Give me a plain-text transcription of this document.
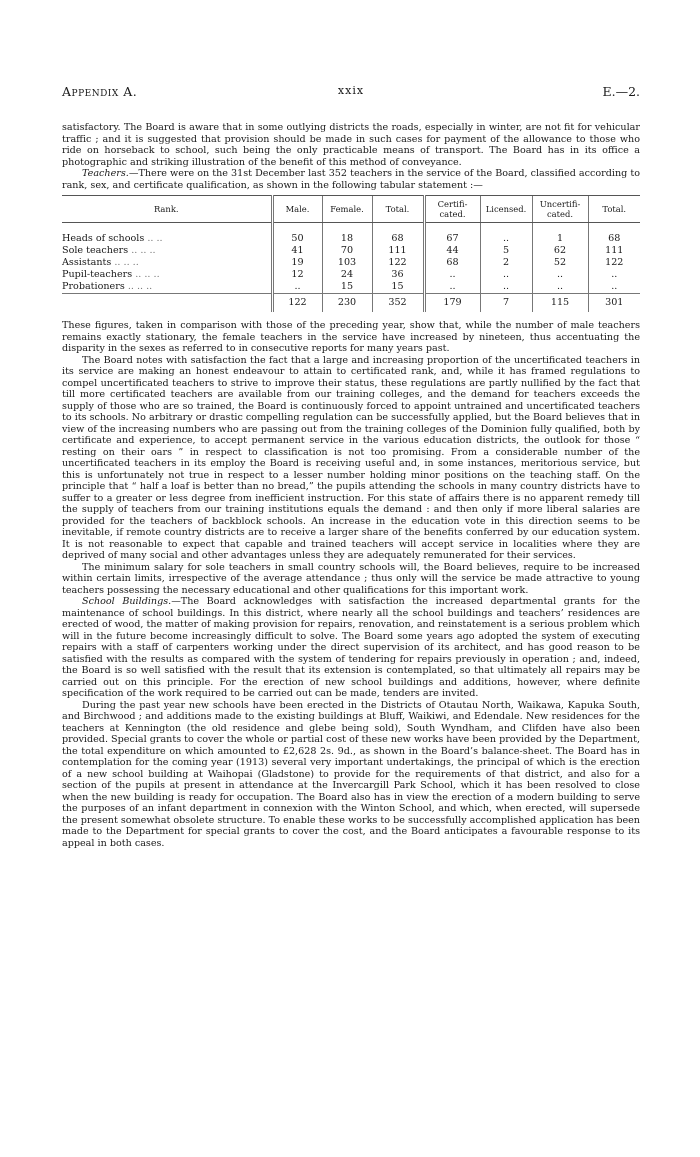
Appendix A.	xxix	E.—2.

satisfactory. The Board is aware that in some outlying districts the roads, especially in winter, are not fit for vehicular traffic ; and it is suggested that provision should be made in such cases for payment of the allowance to those who ride on horseback to school, such being the only practicable means of transport. The Board has in its office a photographic and striking illustration of the benefit of this method of conveyance.

Teachers.—There were on the 31st December last 352 teachers in the service of the Board, classified according to rank, sex, and certificate qualification, as shown in the following tabular statement :—

Rank.	Male.	Female.	Total.	Certifi-cated.	Licensed.	Uncertifi-cated.	Total.

Heads of schools .. ..	50	18	68	67	..	1	68
Sole teachers .. .. ..	41	70	111	44	5	62	111
Assistants .. .. ..	19	103	122	68	2	52	122
Pupil-teachers .. .. ..	12	24	36	..	..	..	..
Probationers .. .. ..	..	15	15	..	..	..	..
	122	230	352	179	7	115	301

These figures, taken in comparison with those of the preceding year, show that, while the number of male teachers remains exactly stationary, the female teachers in the service have increased by nineteen, thus accentuating the disparity in the sexes as referred to in consecutive reports for many years past.

The Board notes with satisfaction the fact that a large and increasing proportion of the uncertificated teachers in its service are making an honest endeavour to attain to certificated rank, and, while it has framed regulations to compel uncertificated teachers to strive to improve their status, these regulations are partly nullified by the fact that till more certificated teachers are available from our training colleges, and the demand for teachers exceeds the supply of those who are so trained, the Board is continuously forced to appoint untrained and uncertificated teachers to its schools. No arbitrary or drastic compelling regulation can be successfully applied, but the Board believes that in view of the increasing numbers who are passing out from the training colleges of the Dominion fully qualified, both by certificate and experience, to accept permanent service in the various education districts, the outlook for those “ resting on their oars ” in respect to classification is not too promising. From a considerable number of the uncertificated teachers in its employ the Board is receiving useful and, in some instances, meritorious service, but this is unfortunately not true in respect to a lesser number holding minor positions on the teaching staff. On the principle that “ half a loaf is better than no bread,” the pupils attending the schools in many country districts have to suffer to a greater or less degree from inefficient instruction. For this state of affairs there is no apparent remedy till the supply of teachers from our training institutions equals the demand : and then only if more liberal salaries are provided for the teachers of backblock schools. An increase in the education vote in this direction seems to be inevitable, if remote country districts are to receive a larger share of the benefits conferred by our education system. It is not reasonable to expect that capable and trained teachers will accept service in localities where they are deprived of many social and other advantages unless they are adequately remunerated for their services.

The minimum salary for sole teachers in small country schools will, the Board believes, require to be increased within certain limits, irrespective of the average attendance ; thus only will the service be made attractive to young teachers possessing the necessary educational and other qualifications for this important work.

School Buildings.—The Board acknowledges with satisfaction the increased departmental grants for the maintenance of school buildings. In this district, where nearly all the school buildings and teachers’ residences are erected of wood, the matter of making provision for repairs, renovation, and reinstatement is a serious problem which will in the future become increasingly difficult to solve. The Board some years ago adopted the system of executing repairs with a staff of carpenters working under the direct supervision of its architect, and has good reason to be satisfied with the results as compared with the system of tendering for repairs previously in operation ; and, indeed, the Board is so well satisfied with the result that its extension is contemplated, so that ultimately all repairs may be carried out on this principle. For the erection of new school buildings and additions, however, where definite specification of the work required to be carried out can be made, tenders are invited.

During the past year new schools have been erected in the Districts of Otautau North, Waikawa, Kapuka South, and Birchwood ; and additions made to the existing buildings at Bluff, Waikiwi, and Edendale. New residences for the teachers at Kennington (the old residence and glebe being sold), South Wyndham, and Clifden have also been provided. Special grants to cover the whole or partial cost of these new works have been provided by the Department, the total expenditure on which amounted to £2,628 2s. 9d., as shown in the Board’s balance-sheet. The Board has in contemplation for the coming year (1913) several very important undertakings, the principal of which is the erection of a new school building at Waihopai (Gladstone) to provide for the requirements of that district, and also for a section of the pupils at present in attendance at the Invercargill Park School, which it has been resolved to close when the new building is ready for occupation. The Board also has in view the erection of a modern building to serve the purposes of an infant department in connexion with the Winton School, and which, when erected, will supersede the present somewhat obsolete structure. To enable these works to be successfully accomplished application has been made to the Department for special grants to cover the cost, and the Board anticipates a favourable response to its appeal in both cases.
